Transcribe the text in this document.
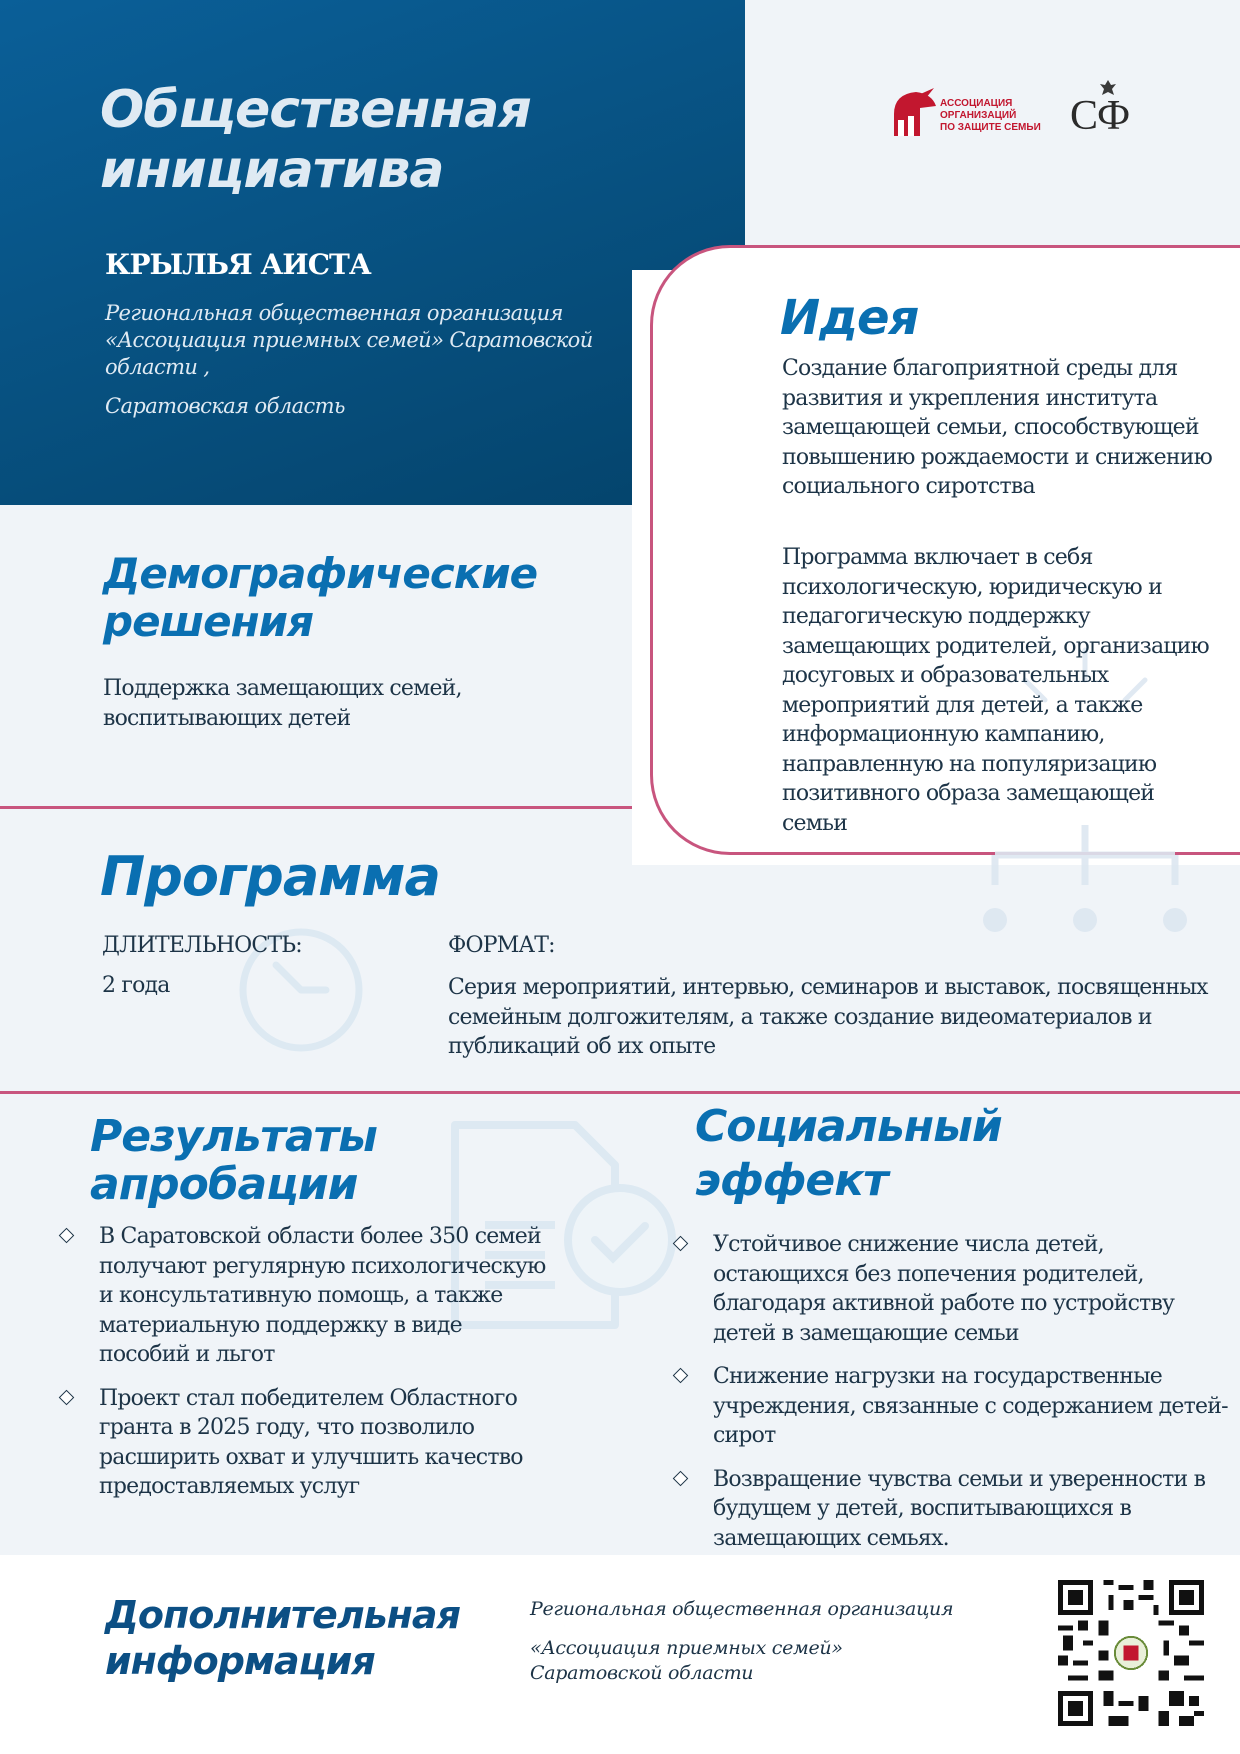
Общественная
инициатива
КРЫЛЬЯ АИСТА
Региональная общественная организация «Ассоциация приемных семей» Саратовской области ,
Саратовская область
АССОЦИАЦИЯ
ОРГАНИЗАЦИЙ
ПО ЗАЩИТЕ СЕМЬИ СФ
Идея
Создание благоприятной среды для развития и укрепления института замещающей семьи, способствующей повышению рождаемости и снижению социального сиротства
Программа включает в себя психологическую, юридическую и педагогическую поддержку замещающих родителей, организацию досуговых и образовательных мероприятий для детей, а также информационную кампанию, направленную на популяризацию позитивного образа замещающей семьи
Демографические
решения
Поддержка замещающих семей, воспитывающих детей
Программа
ДЛИТЕЛЬНОСТЬ:
2 года
ФОРМАТ:
Серия мероприятий, интервью, семинаров и выставок, посвященных семейным долгожителям, а также создание видеоматериалов и публикаций об их опыте
Результаты
апробации
В Саратовской области более 350 семей получают регулярную психологическую и консультативную помощь, а также материальную поддержку в виде пособий и льгот
Проект стал победителем Областного гранта в 2025 году, что позволило расширить охват и улучшить качество предоставляемых услуг
Социальный
эффект
Устойчивое снижение числа детей, остающихся без попечения родителей, благодаря активной работе по устройству детей в замещающие семьи
Снижение нагрузки на государственные учреждения, связанные с содержанием детей-сирот
Возвращение чувства семьи и уверенности в будущем у детей, воспитывающихся в замещающих семьях.
Дополнительная
информация
Региональная общественная организация
«Ассоциация приемных семей» Саратовской области
